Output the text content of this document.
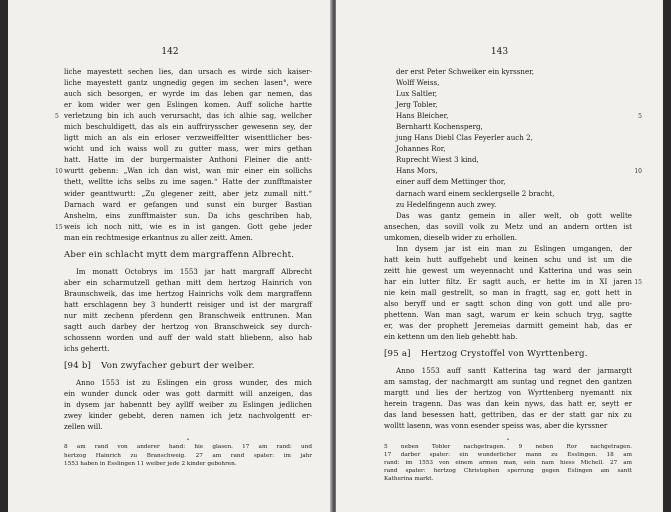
142
liche mayestett sechen lies, dan ursach es wirde sich kaiser-
liche mayestett gantz ungnedig gegen im sechen lasen°, were
auch sich besorgen, er wyrde im das leben gar nemen, das
er kom wider wer gen Eslingen komen. Auff soliche hartte
verletzung bin ich auch verursacht, das ich alhie sag, wellcher
5
mich beschuldigett, das als ein auffrirysscher gewesenn sey, der
ligtt mich an als ein erloser verzweiffeltter wisenttlicher bes-
wicht und ich waiss woll zu gutter mass, wer mirs gethan
hatt. Hatte im der burgermaister Anthoni Fleiner die antt-
wurtt gebenn: „Wan ich dan wist, wan mir einer ein sollichs
10
thett, welltte ichs selbs zu ime sagen.“ Hatte der zunfftmaister
wider geanttwurtt: „Zu glegener zeitt, aber jetz zumall nitt.“
Darnach ward er gefangen und sunst ein burger Bastian
Anshelm, eins zunfftmaister sun. Da ichs geschriben hab,
weis ich noch nitt, wie es in ist gangen. Gott gebe jeder
15
man ein rechtmesige erkantnus zu aller zeitt. Amen.
Aber ein schlacht mytt dem margraffenn Albrecht.
Im monatt Octobrys im 1553 jar hatt margraff Albrecht
aber ein scharmutzell gethan mitt dem hertzog Hainrich von
Braunschweik, das ime hertzog Hainrichs volk dem margraffenn
hatt erschlagenn bey 3 hundertt reisiger und ist der margraff
nur mitt zechenn pferdenn gen Branschweik enttrunen. Man
sagtt auch darbey der hertzog von Branschweick sey durch-
schossenn worden und auff der wald statt bliebenn, also hab
ichs gehertt.
[94 b] Von zwyfacher geburt der weiber.
Anno 1553 ist zu Eslingen ein gross wunder, des mich
ein wunder dunck oder was gott darmitt will anzeigen, das
in dysem jar habenntt bey ayllff weiber zu Eslingen jedlichen
zwey kinder gebebt, deren namen ich jetz nachvolgentt er-
zellen will.
•
8 am rand von anderer hand: hie glasen. 17 am rand: und
hertzog Hainrich zu Branschweig. 27 am rand spater: im jahr
1553 haben in Esslingen 11 weiber jede 2 kinder gebohren.
143
der erst Peter Schweiker ein kyrssner,
Wolff Weiss,
Lux Saltler,
Jerg Tobler,
Hans Bleicher,	5
Bernhartt Kochensperg,
jung Hans Diebl Clas Feyerler auch 2,
Johannes Ror,
Ruprecht Wiest 3 kind,
Hans Mors,	10
einer auff dem Mettinger thor,
darnach ward einem secklergselle 2 bracht,
zu Hedelfingenn auch zwey.
Das was gantz gemein in aller welt, ob gott wellte
ansechen, das sovill volk zu Metz und an andern ortten ist
umkomen, dieselb wider zu erhollen.
Inn dysem jar ist ein man zu Eslingen umgangen, der
hatt kein hutt auffgehebt und keinen schu und ist um die
zeitt hie gewest um weyennacht und Katterina und was sein
har ein lutter filtz. Er sagtt auch, er hette im in XI jaren 15
nie kein mall gestrellt, so man in fragtt, sag er, gott hett in
also beryff und er sagtt schon ding von gott und alle pro-
phettenn. Wan man sagt, warum er kein schuch tryg, sagtte
er, was der prophett Jeremeias darmitt gemeint hab, das er
ein kettenn um den lieb gehebtt hab.
[95 a] Hertzog Crystoffel von Wyrttenberg.
Anno 1553 auff santt Katterina tag ward der jarmargtt
am samstag, der nachmargtt am suntag und regnet den gantzen
margtt und lies der hertzog von Wyrttenberg nyemantt nix
herein tragenn. Das was dan kein nyws, das hatt er, seytt er
das land besessen hatt, gettriben, das er der statt gar nix zu
wolltt lasenn, was vonn esender speiss was, aber die kyrssner
•
5 neben Tobler nachgetragen. 9 neben Ror nachgetragen.
17 darber spater: ein wunderlicher mann zu Esslingen. 18 am
rand: im 1553 von einem armen man, sein nam hiess Michell. 27 am
rand spater: hertzog Christophen sperrung gegen Eslingen am santt
Katherina markt.
